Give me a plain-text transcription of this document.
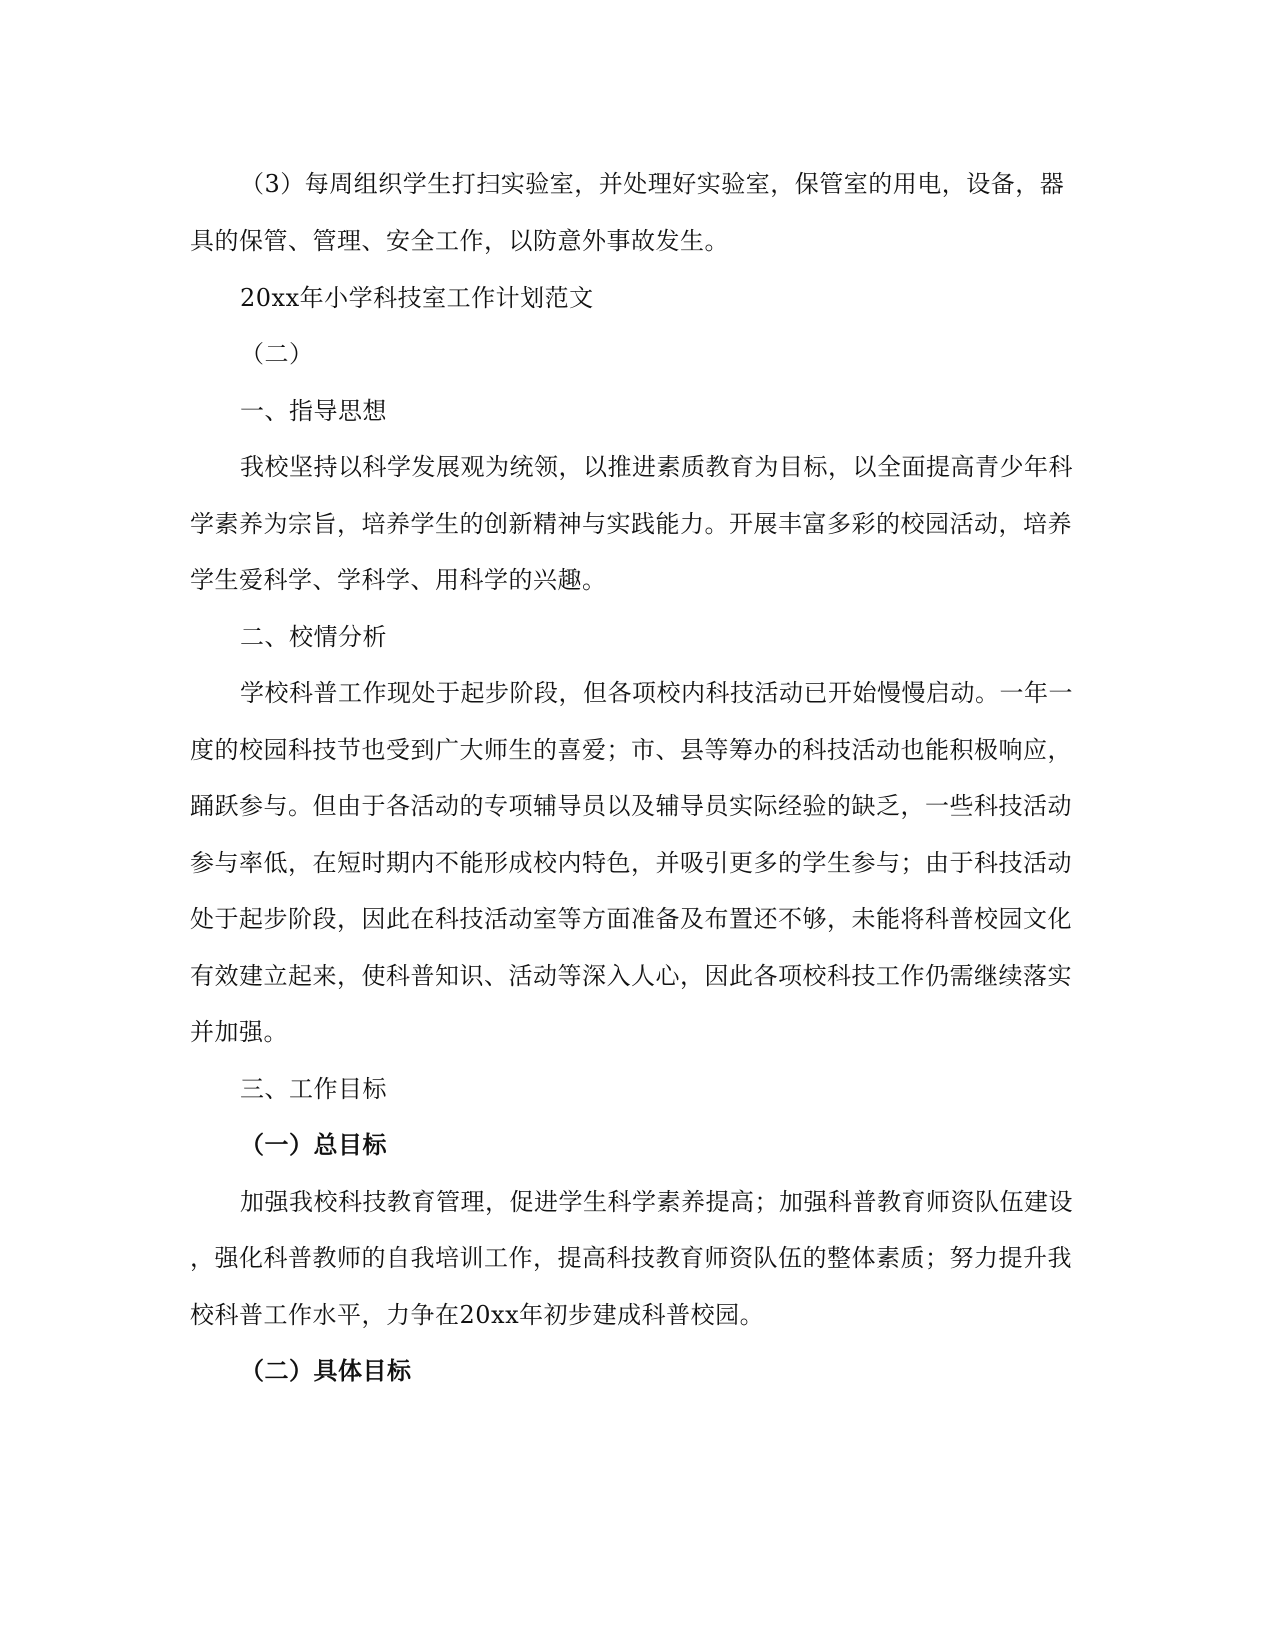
（3）每周组织学生打扫实验室，并处理好实验室，保管室的用电，设备，器
具的保管、管理、安全工作，以防意外事故发生。
20xx年小学科技室工作计划范文
（二）
一、指导思想
我校坚持以科学发展观为统领，以推进素质教育为目标，以全面提高青少年科
学素养为宗旨，培养学生的创新精神与实践能力。开展丰富多彩的校园活动，培养
学生爱科学、学科学、用科学的兴趣。
二、校情分析
学校科普工作现处于起步阶段，但各项校内科技活动已开始慢慢启动。一年一
度的校园科技节也受到广大师生的喜爱；市、县等筹办的科技活动也能积极响应，
踊跃参与。但由于各活动的专项辅导员以及辅导员实际经验的缺乏，一些科技活动
参与率低，在短时期内不能形成校内特色，并吸引更多的学生参与；由于科技活动
处于起步阶段，因此在科技活动室等方面准备及布置还不够，未能将科普校园文化
有效建立起来，使科普知识、活动等深入人心，因此各项校科技工作仍需继续落实
并加强。
三、工作目标
（一）总目标
加强我校科技教育管理，促进学生科学素养提高；加强科普教育师资队伍建设
，强化科普教师的自我培训工作，提高科技教育师资队伍的整体素质；努力提升我
校科普工作水平，力争在20xx年初步建成科普校园。
（二）具体目标
